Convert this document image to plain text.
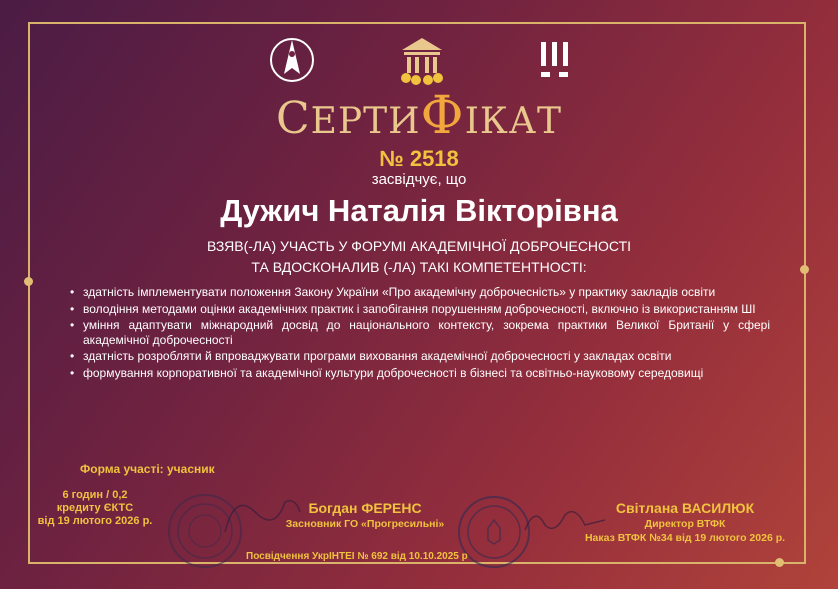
СЕРТИФІКАТ
№ 2518
засвідчує, що
Дужич Наталія Вікторівна
ВЗЯВ(-ЛА) УЧАСТЬ У ФОРУМІ АКАДЕМІЧНОЇ ДОБРОЧЕСНОСТІ
ТА ВДОСКОНАЛИВ (-ЛА) ТАКІ КОМПЕТЕНТНОСТІ:
• здатність імплементувати положення Закону України «Про академічну доброчесність» у практику закладів освіти
• володіння методами оцінки академічних практик і запобігання порушенням доброчесності, включно із використанням ШІ
• уміння адаптувати міжнародний досвід до національного контексту, зокрема практики Великої Британії у сфері академічної доброчесності
• здатність розробляти й впроваджувати програми виховання академічної доброчесності у закладах освіти
• формування корпоративної та академічної культури доброчесності в бізнесі та освітньо-науковому середовищі
Форма участі: учасник
6 годин / 0,2
кредиту ЄКТС
від 19 лютого 2026 р.
Богдан ФЕРЕНС
Засновник ГО «Прогресильні»
Світлана ВАСИЛЮК
Директор ВТФК
Наказ ВТФК №34 від 19 лютого 2026 р.
Посвідчення УкрІНТЕІ № 692 від 10.10.2025 р
